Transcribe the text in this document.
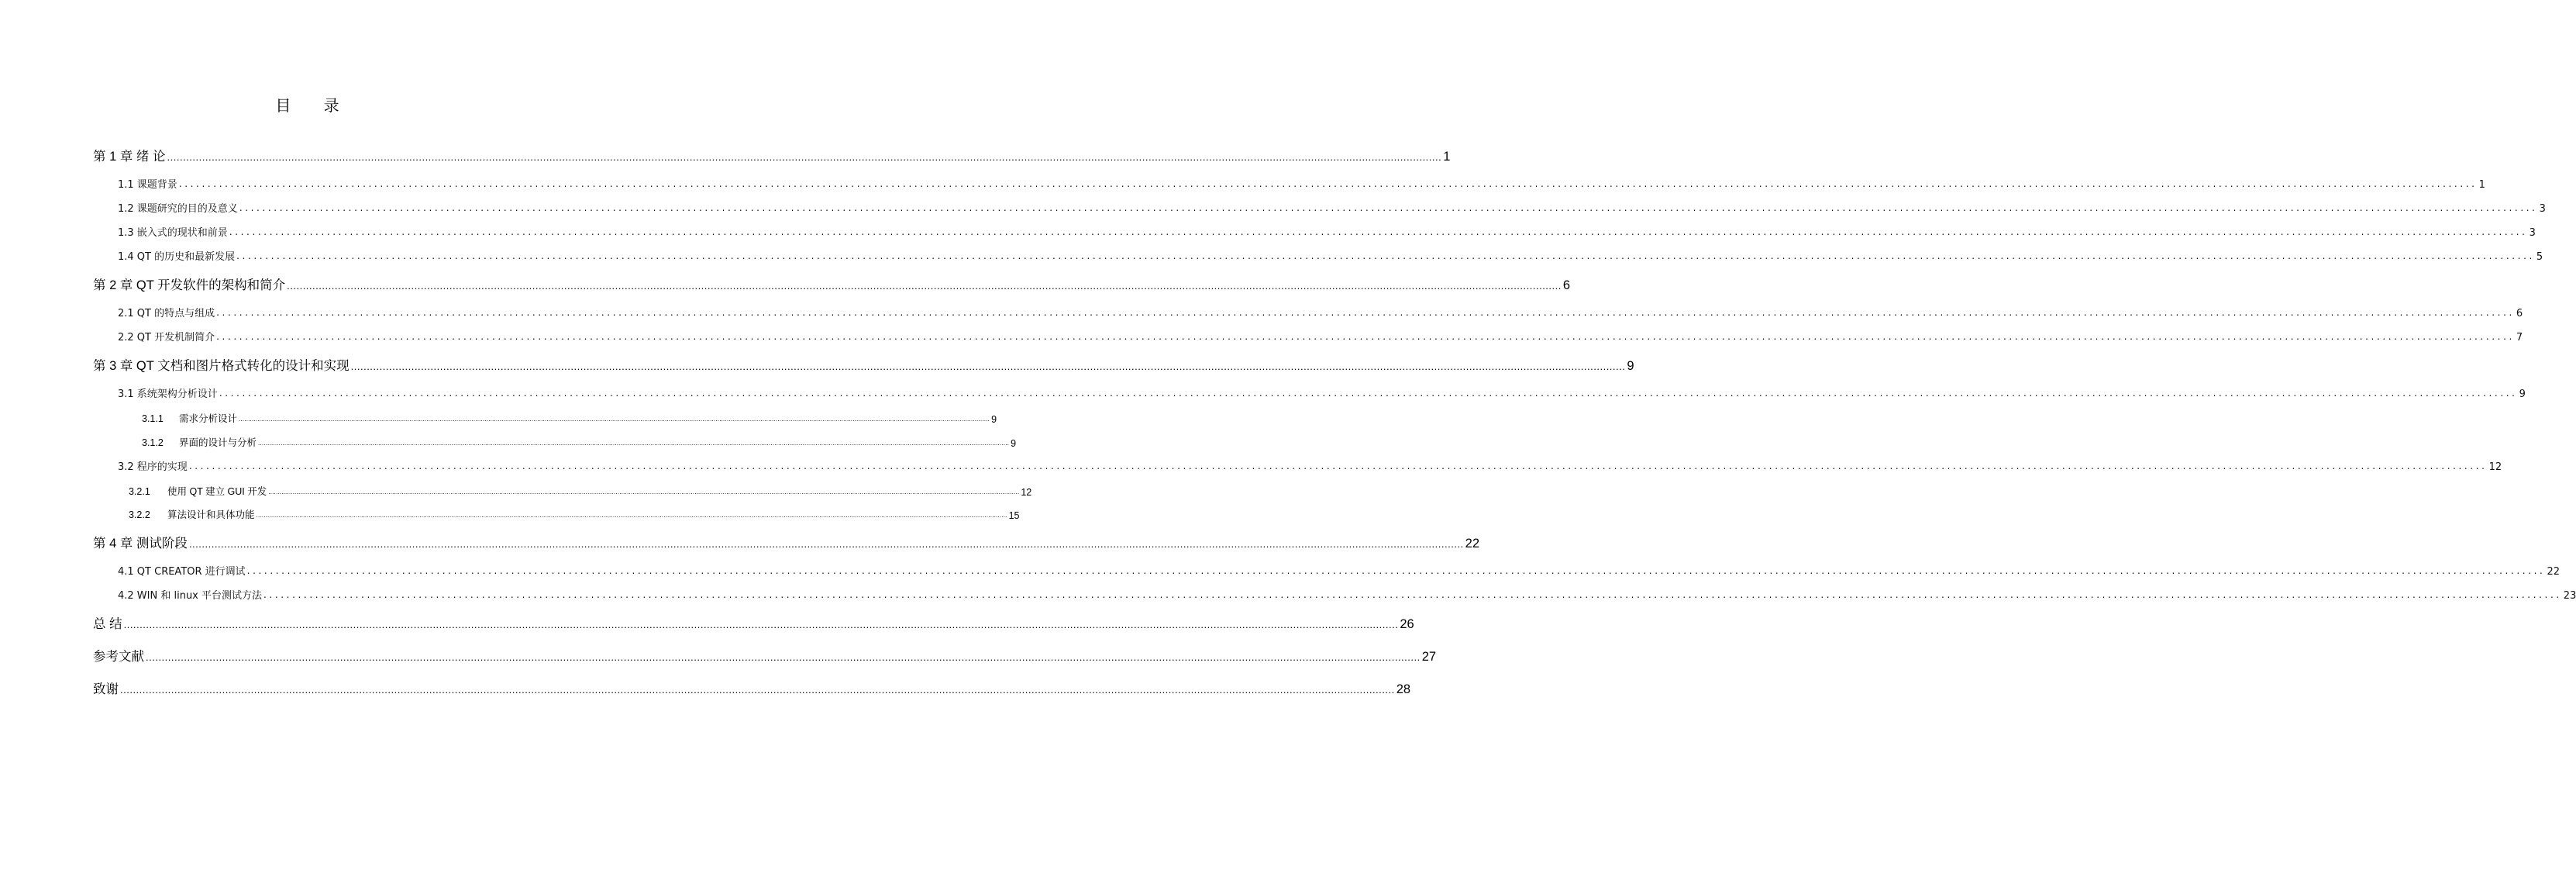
目 录
第 1 章 绪 论 ................................................................................................................................................................................................................................................................................................................................................................................................................ 1
1.1 课题背景 ................................................................................................................................................................................................................................................................................................................................................................................................................ 1
1.2 课题研究的目的及意义 ................................................................................................................................................................................................................................................................................................................................................................................................................ 3
1.3 嵌入式的现状和前景 ................................................................................................................................................................................................................................................................................................................................................................................................................ 3
1.4 QT 的历史和最新发展 ................................................................................................................................................................................................................................................................................................................................................................................................................ 5
第 2 章 QT 开发软件的架构和简介 ................................................................................................................................................................................................................................................................................................................................................................................................................ 6
2.1 QT 的特点与组成 ................................................................................................................................................................................................................................................................................................................................................................................................................ 6
2.2 QT 开发机制简介 ................................................................................................................................................................................................................................................................................................................................................................................................................ 7
第 3 章 QT 文档和图片格式转化的设计和实现 ................................................................................................................................................................................................................................................................................................................................................................................................................ 9
3.1 系统架构分析设计 ................................................................................................................................................................................................................................................................................................................................................................................................................ 9
3.1.1 需求分析设计 ................................................................................................................................................................................................................................................................................................................................................................................................................ 9
3.1.2 界面的设计与分析 ................................................................................................................................................................................................................................................................................................................................................................................................................ 9
3.2 程序的实现 ................................................................................................................................................................................................................................................................................................................................................................................................................ 12
3.2.1 使用 QT 建立 GUI 开发 ................................................................................................................................................................................................................................................................................................................................................................................................................ 12
3.2.2 算法设计和具体功能 ................................................................................................................................................................................................................................................................................................................................................................................................................ 15
第 4 章 测试阶段 ................................................................................................................................................................................................................................................................................................................................................................................................................ 22
4.1 QT CREATOR 进行调试 ................................................................................................................................................................................................................................................................................................................................................................................................................ 22
4.2 WIN 和 linux 平台测试方法 ................................................................................................................................................................................................................................................................................................................................................................................................................ 23
总 结 ................................................................................................................................................................................................................................................................................................................................................................................................................ 26
参考文献 ................................................................................................................................................................................................................................................................................................................................................................................................................ 27
致谢 ................................................................................................................................................................................................................................................................................................................................................................................................................ 28
